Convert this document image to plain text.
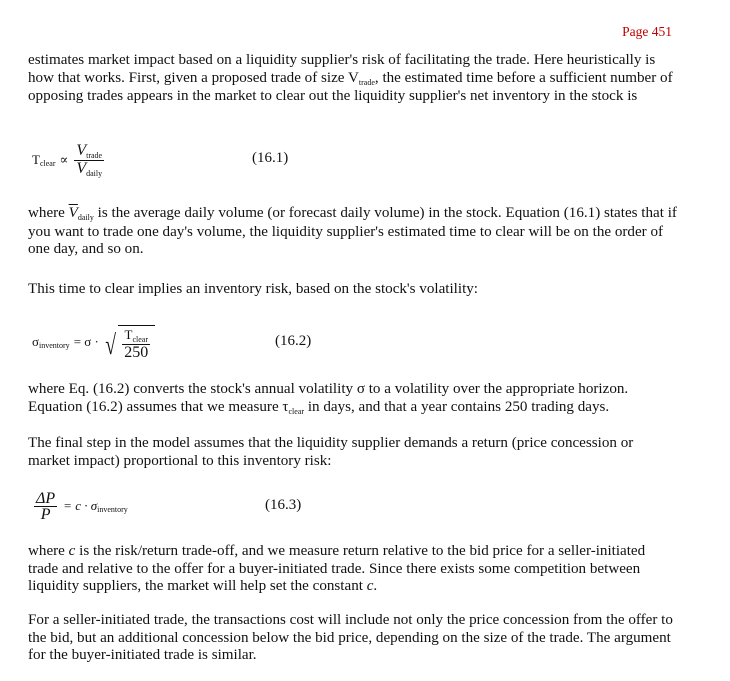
Page 451

estimates market impact based on a liquidity supplier's risk of facilitating the trade. Here heuristically is how that works. First, given a proposed trade of size Vtrade, the estimated time before a sufficient number of opposing trades appears in the market to clear out the liquidity supplier's net inventory in the stock is

T clear ∝ $\frac{\text{Vtrade}}{\text{Vdaily}}$	(16.1)

where $\overline{V}daily$ is the average daily volume (or forecast daily volume) in the stock. Equation (16.1) states that if you want to trade one day's volume, the liquidity supplier's estimated time to clear will be on the order of one day, and so on.

This time to clear implies an inventory risk, based on the stock's volatility:

σ inventory = σ · √ $\frac{\text{Tclear}}{250}$	(16.2)

where Eq. (16.2) converts the stock's annual volatility σ to a volatility over the appropriate horizon. Equation (16.2) assumes that we measure τclear in days, and that a year contains 250 trading days.

The final step in the model assumes that the liquidity supplier demands a return (price concession or market impact) proportional to this inventory risk:

$\frac{\Delta P}{P} = c \cdot \sigma$ inventory	(16.3)

where c is the risk/return trade-off, and we measure return relative to the bid price for a seller-initiated trade and relative to the offer for a buyer-initiated trade. Since there exists some competition between liquidity suppliers, the market will help set the constant c.

For a seller-initiated trade, the transactions cost will include not only the price concession from the offer to the bid, but an additional concession below the bid price, depending on the size of the trade. The argument for the buyer-initiated trade is similar.
